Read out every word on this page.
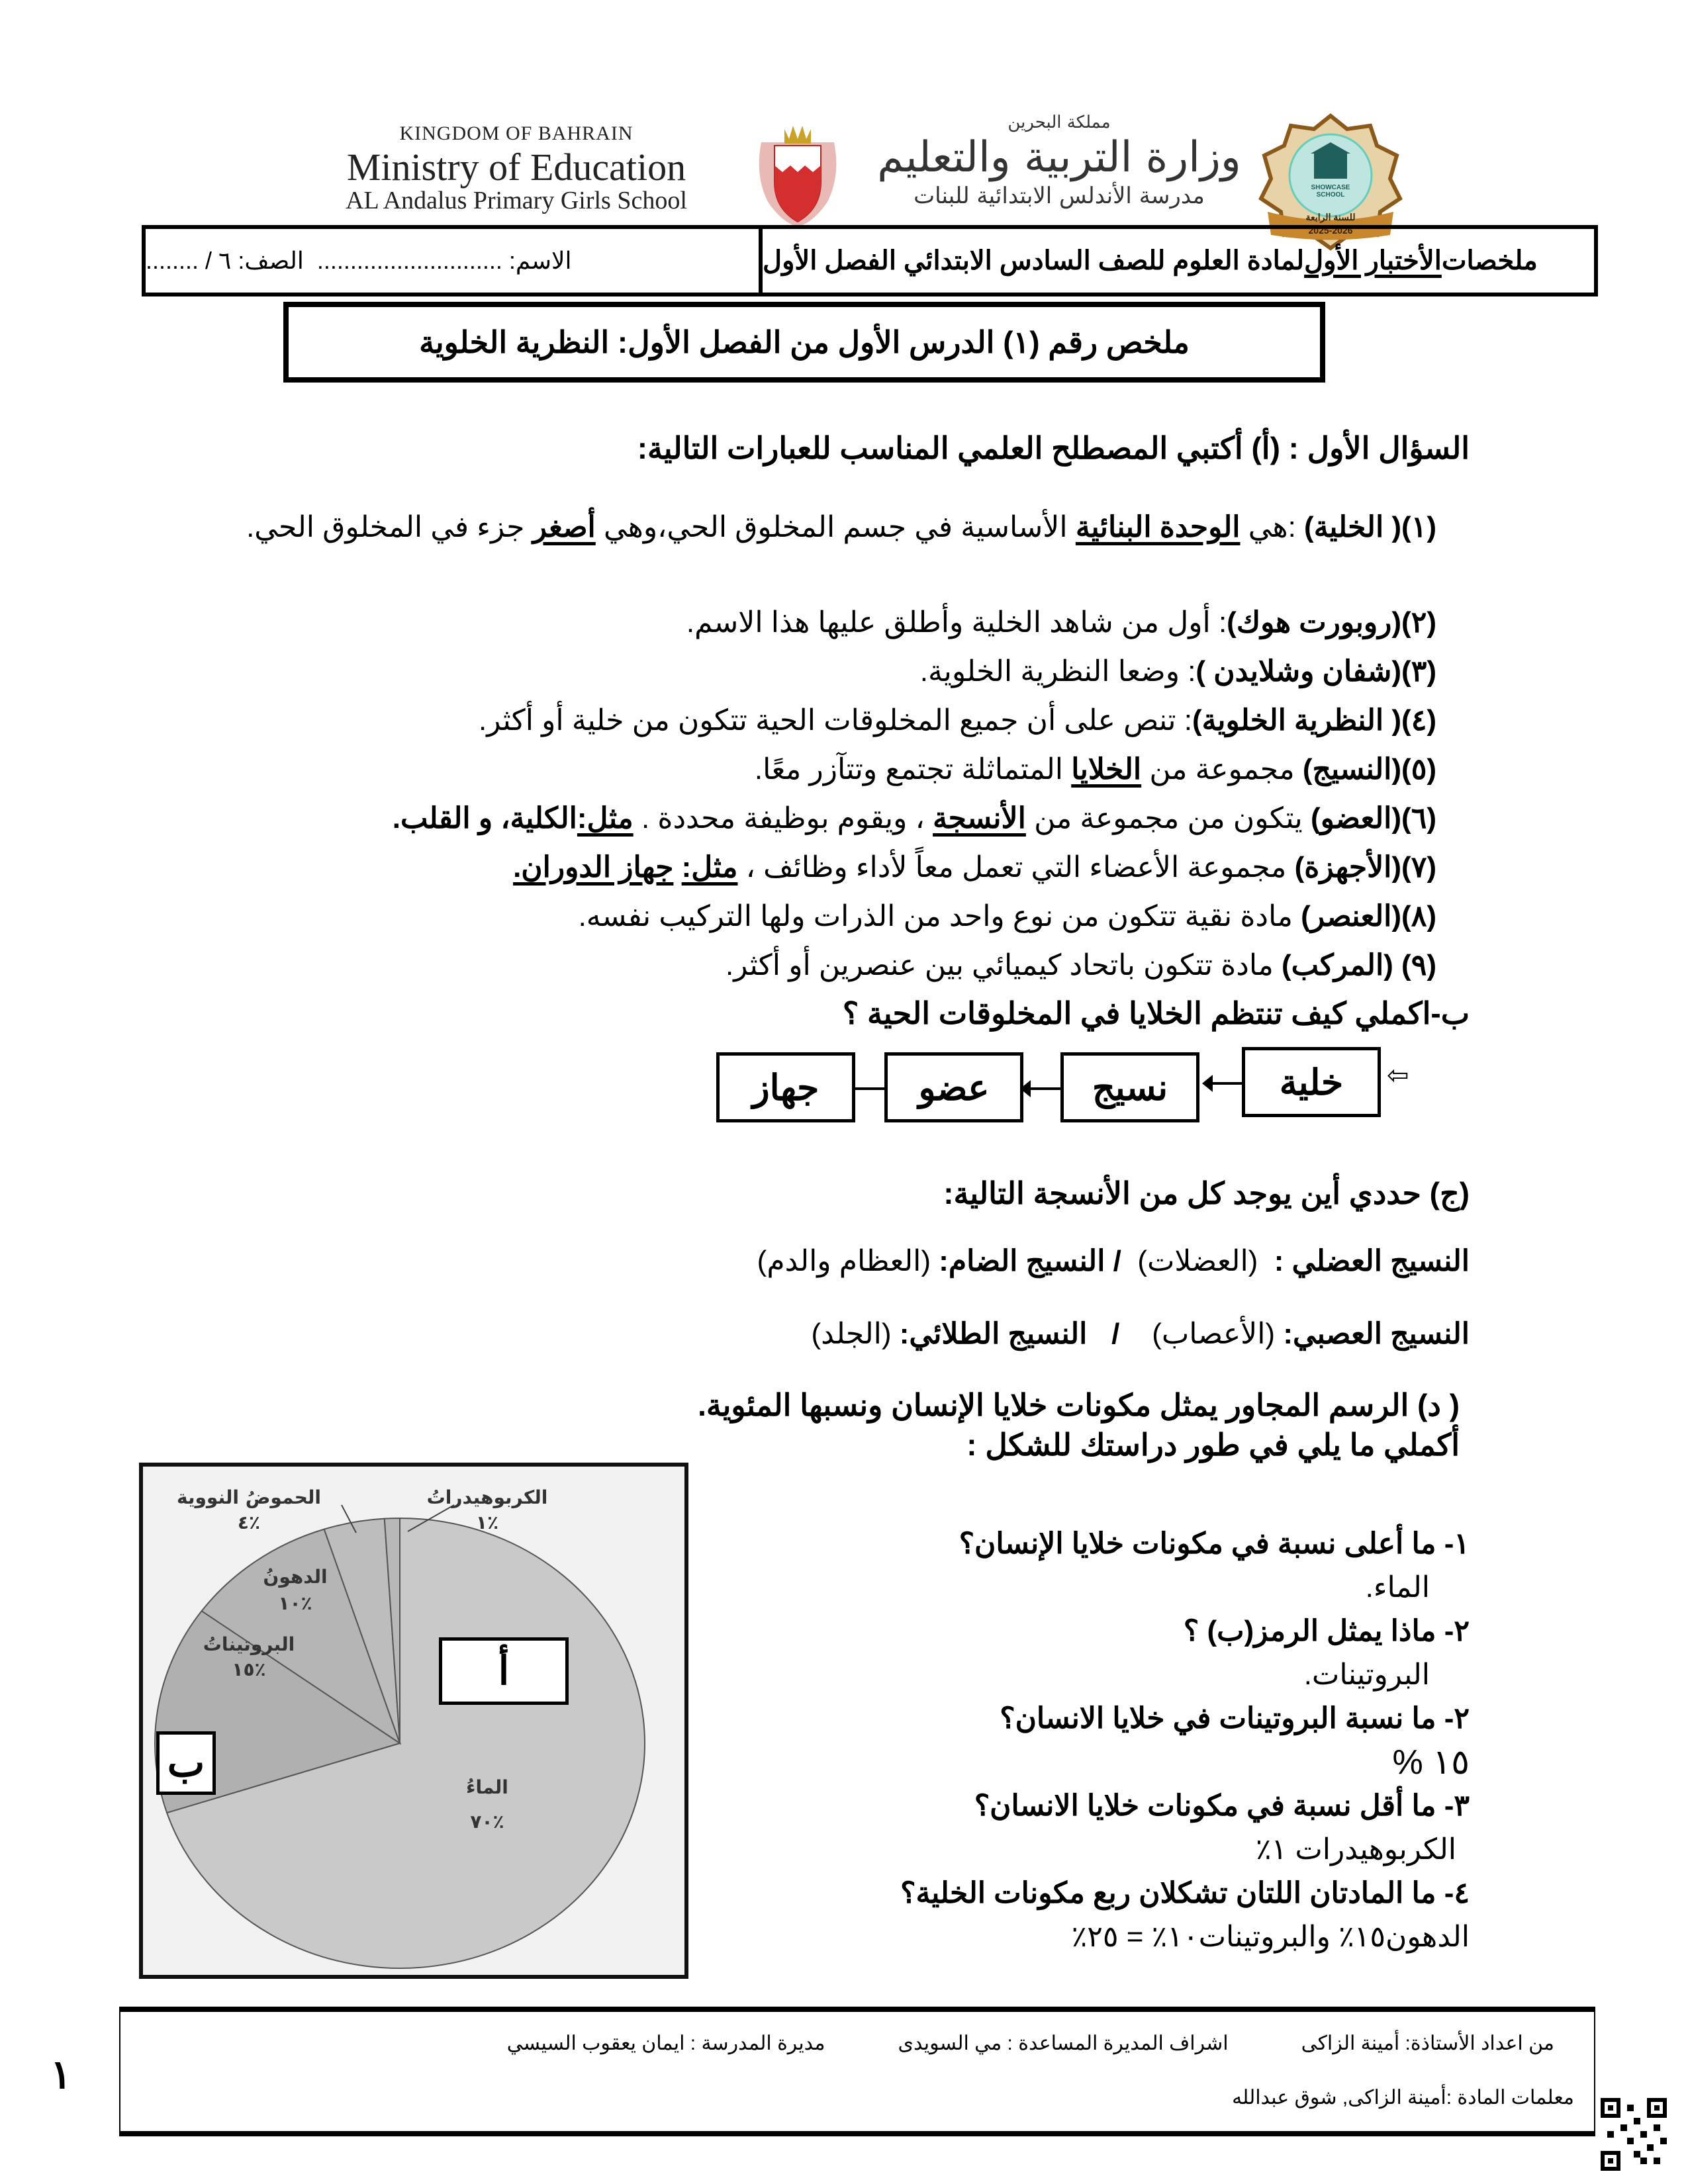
KINGDOM OF BAHRAIN
Ministry of Education
AL Andalus Primary Girls School
مملكة البحرين
وزارة التربية والتعليم
مدرسة الأندلس الابتدائية للبنات	SHOWCASE SCHOOL
للسنة الرابعة
2025-2026
الاسم: ............................
الصف: ٦ / ........	ملخصات
الأختبار الأول
لمادة العلوم للصف السادس الابتدائي الفصل الأول
ملخص رقم (١) الدرس الأول من الفصل الأول: النظرية الخلوية
السؤال الأول : (أ) أكتبي المصطلح العلمي المناسب للعبارات التالية:
(١)( الخلية) :هي الوحدة البنائية الأساسية في جسم المخلوق الحي،وهي أصغر جزء في المخلوق الحي.
(٢)(روبورت هوك): أول من شاهد الخلية وأطلق عليها هذا الاسم.
(٣)(شفان وشلايدن ): وضعا النظرية الخلوية.
(٤)( النظرية الخلوية): تنص على أن جميع المخلوقات الحية تتكون من خلية أو أكثر.
(٥)(النسيج) مجموعة من الخلايا المتماثلة تجتمع وتتآزر معًا.
(٦)(العضو) يتكون من مجموعة من الأنسجة ، ويقوم بوظيفة محددة . مثل:الكلية، و القلب.
(٧)(الأجهزة) مجموعة الأعضاء التي تعمل معاً لأداء وظائف ، مثل: جهاز الدوران.
(٨)(العنصر) مادة نقية تتكون من نوع واحد من الذرات ولها التركيب نفسه.
(٩) (المركب) مادة تتكون باتحاد كيميائي بين عنصرين أو أكثر.
ب-اكملي كيف تنتظم الخلايا في المخلوقات الحية ؟
⇦
خلية
نسيج
عضو
جهاز
(ج) حددي أين يوجد كل من الأنسجة التالية:
النسيج العضلي :  (العضلات)  / النسيج الضام: (العظام والدم)
النسيج العصبي: (الأعصاب)    /   النسيج الطلائي: (الجلد)
( د) الرسم المجاور يمثل مكونات خلايا الإنسان ونسبها المئوية.
أكملي ما يلي في طور دراستك للشكل :
الكربوهيدراتُ
١٪
الحموضُ النووية
٤٪
الدهونُ
١٠٪
البروتيناتُ
١٥٪
الماءُ
٧٠٪
أ
ب
١- ما أعلى نسبة في مكونات خلايا الإنسان؟
الماء.
٢- ماذا يمثل الرمز(ب) ؟
البروتينات.
٢- ما نسبة البروتينات في خلايا الانسان؟
١٥ %
٣- ما أقل نسبة في مكونات خلايا الانسان؟
الكربوهيدرات ١٪
٤- ما المادتان اللتان تشكلان ربع مكونات الخلية؟
الدهون١٥٪ والبروتينات١٠٪ = ٢٥٪
من اعداد الأستاذة: أمينة الزاكى
اشراف المديرة المساعدة : مي السويدى
مديرة المدرسة : ايمان يعقوب السيسي
معلمات المادة :أمينة الزاكى, شوق عبدالله
١
